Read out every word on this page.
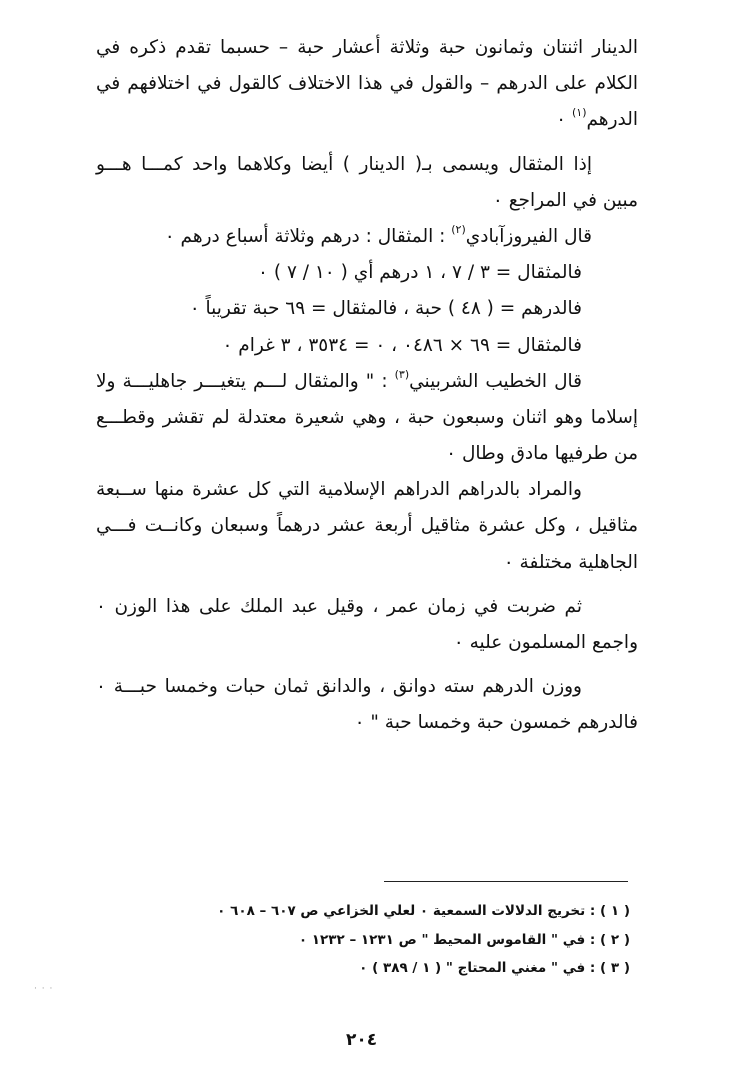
الدينار اثنتان وثمانون حبة وثلاثة أعشار حبة – حسبما تقدم ذكره في
الكلام على الدرهم – والقول في هذا الاختلاف كالقول في اختلافهم في
الدرهم$^{(١)}$ ٠
إذا المثقال ويسمى بـ( الدينار ) أيضا وكلاهما واحد كمـــا هـــو
مبين في المراجع ٠
قال الفيروزآبادي$^{(٢)}$ : المثقال : درهم وثلاثة أسباع درهم ٠
فالمثقال = ٣ / ٧ ، ١ درهم أي ( ١٠ / ٧ ) ٠
فالدرهم = ( ٤٨ ) حبة ، فالمثقال = ٦٩ حبة تقريباً ٠
فالمثقال = ٦٩ × ٠٤٨٦ ، ٠ = ٣٥٣٤ ، ٣ غرام ٠
قال الخطيب الشربيني$^{(٣)}$ : " والمثقال لـــم يتغيـــر جاهليـــة ولا
إسلاما وهو اثنان وسبعون حبة ، وهي شعيرة معتدلة لم تقشر وقطـــع
من طرفيها مادق وطال ٠
والمراد بالدراهم الدراهم الإسلامية التي كل عشرة منها ســبعة
مثاقيل ، وكل عشرة مثاقيل أربعة عشر درهماً وسبعان وكانــت فـــي
الجاهلية مختلفة ٠
ثم ضربت في زمان عمر ، وقيل عبد الملك على هذا الوزن ٠
واجمع المسلمون عليه ٠
ووزن الدرهم سته دوانق ، والدانق ثمان حبات وخمسا حبـــة ٠
فالدرهم خمسون حبة وخمسا حبة " ٠
( ١ ) : تخريج الدلالات السمعية ٠ لعلي الخزاعي ص ٦٠٧ – ٦٠٨ ٠
( ٢ ) : في " القاموس المحيط " ص ١٢٣١ – ١٢٣٢ ٠
( ٣ ) : في " مغني المحتاج " ( ١ / ٣٨٩ ) ٠
· · ·
٢٠٤
